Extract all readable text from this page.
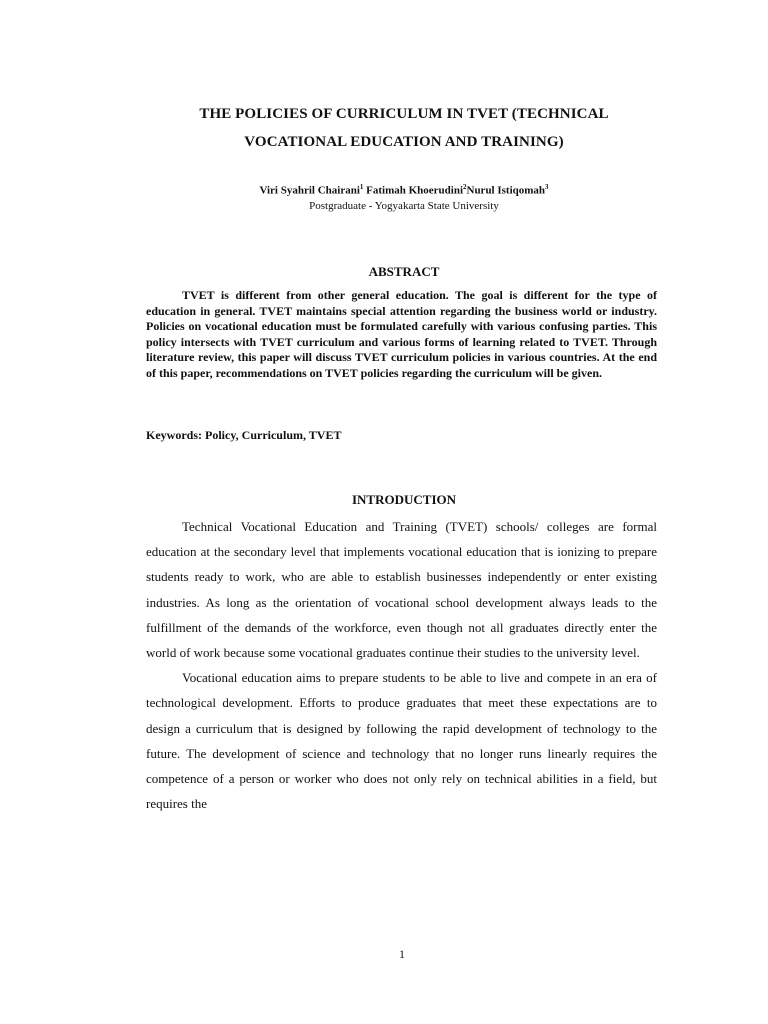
THE POLICIES OF CURRICULUM IN TVET (TECHNICAL
VOCATIONAL EDUCATION AND TRAINING)
Viri Syahril Chairani$^1$ Fatimah Khoerudini$^2$Nurul Istiqomah$^3$
Postgraduate - Yogyakarta State University
ABSTRACT

TVET is different from other general education. The goal is different for the type of education in general. TVET maintains special attention regarding the business world or industry. Policies on vocational education must be formulated carefully with various confusing parties. This policy intersects with TVET curriculum and various forms of learning related to TVET. Through literature review, this paper will discuss TVET curriculum policies in various countries. At the end of this paper, recommendations on TVET policies regarding the curriculum will be given.

Keywords: Policy, Curriculum, TVET

INTRODUCTION

Technical Vocational Education and Training (TVET) schools/ colleges are formal education at the secondary level that implements vocational education that is ionizing to prepare students ready to work, who are able to establish businesses independently or enter existing industries. As long as the orientation of vocational school development always leads to the fulfillment of the demands of the workforce, even though not all graduates directly enter the world of work because some vocational graduates continue their studies to the university level.

Vocational education aims to prepare students to be able to live and compete in an era of technological development. Efforts to produce graduates that meet these expectations are to design a curriculum that is designed by following the rapid development of technology to the future. The development of science and technology that no longer runs linearly requires the competence of a person or worker who does not only rely on technical abilities in a field, but requires the

1
